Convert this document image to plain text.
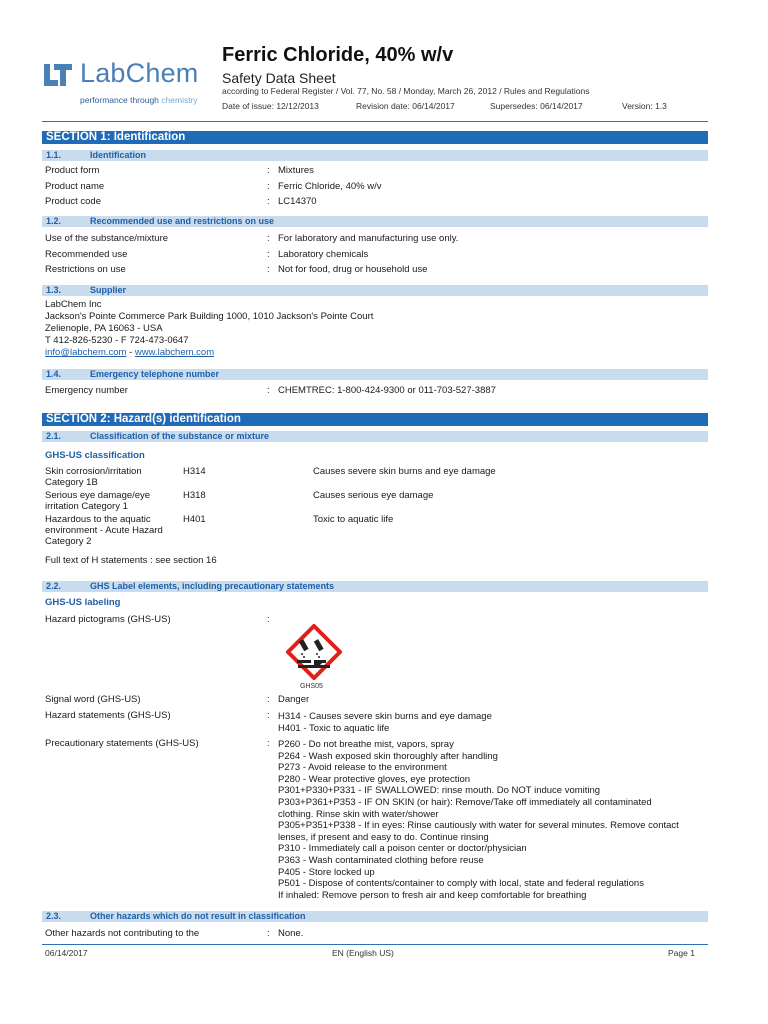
LabChem
performance through chemistry
Ferric Chloride, 40% w/v
Safety Data Sheet
according to Federal Register / Vol. 77, No. 58 / Monday, March 26, 2012 / Rules and Regulations
Date of issue: 12/12/2013	Revision date: 06/14/2017	Supersedes: 06/14/2017	Version: 1.3
SECTION 1: Identification
1.1.	Identification
Product form	: Mixtures
Product name	: Ferric Chloride, 40% w/v
Product code	: LC14370
1.2.	Recommended use and restrictions on use
Use of the substance/mixture	: For laboratory and manufacturing use only.
Recommended use	: Laboratory chemicals
Restrictions on use	: Not for food, drug or household use
1.3.	Supplier
LabChem Inc
Jackson's Pointe Commerce Park Building 1000, 1010 Jackson's Pointe Court
Zelienople, PA 16063 - USA
T 412-826-5230 - F 724-473-0647
info@labchem.com - www.labchem.com
1.4.	Emergency telephone number
Emergency number	: CHEMTREC: 1-800-424-9300 or 011-703-527-3887
SECTION 2: Hazard(s) identification
2.1.	Classification of the substance or mixture
GHS-US classification
Skin corrosion/irritation Category 1B
H314	Causes severe skin burns and eye damage
Serious eye damage/eye irritation Category 1
H318	Causes serious eye damage
Hazardous to the aquatic environment - Acute Hazard Category 2
H401	Toxic to aquatic life
Full text of H statements : see section 16
2.2.	GHS Label elements, including precautionary statements
GHS-US labeling
Hazard pictograms (GHS-US)	:
GHS05
Signal word (GHS-US)	: Danger
Hazard statements (GHS-US)	: H314 - Causes severe skin burns and eye damage
H401 - Toxic to aquatic life
Precautionary statements (GHS-US)	: P260 - Do not breathe mist, vapors, spray
P264 - Wash exposed skin thoroughly after handling
P273 - Avoid release to the environment
P280 - Wear protective gloves, eye protection
P301+P330+P331 - IF SWALLOWED: rinse mouth. Do NOT induce vomiting
P303+P361+P353 - IF ON SKIN (or hair): Remove/Take off immediately all contaminated
clothing. Rinse skin with water/shower
P305+P351+P338 - If in eyes: Rinse cautiously with water for several minutes. Remove contact
lenses, if present and easy to do. Continue rinsing
P310 - Immediately call a poison center or doctor/physician
P363 - Wash contaminated clothing before reuse
P405 - Store locked up
P501 - Dispose of contents/container to comply with local, state and federal regulations
If inhaled: Remove person to fresh air and keep comfortable for breathing
2.3.	Other hazards which do not result in classification
Other hazards not contributing to the	: None.
06/14/2017	EN (English US)	Page 1
